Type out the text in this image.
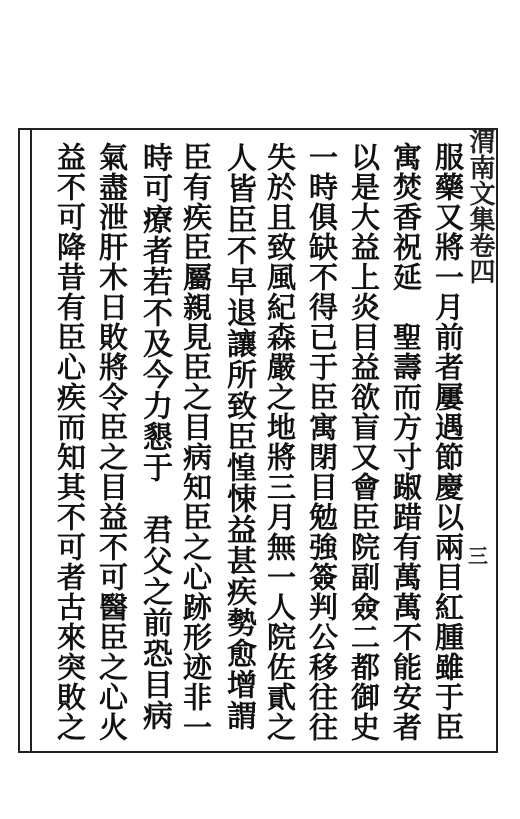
渭南文集卷四
服藥又將一月前者屢遇節慶以兩目紅腫雖于臣
寓焚香祝延　聖壽而方寸踧踖有萬萬不能安者
以是大益上炎目益欲盲又會臣院副僉二都御史
一時俱缺不得已于臣寓閉目勉強簽判公移往往
失於且致風紀森嚴之地將三月無一人院佐貳之
人皆臣不早退讓所致臣惶悚益甚疾勢愈增謂
臣有疾臣屬親見臣之目病知臣之心跡形迹非一
時可療者若不及今力懇于　君父之前恐目病
氣盡泄肝木日敗將令臣之目益不可醫臣之心火
益不可降昔有臣心疾而知其不可者古來突敗之	三
